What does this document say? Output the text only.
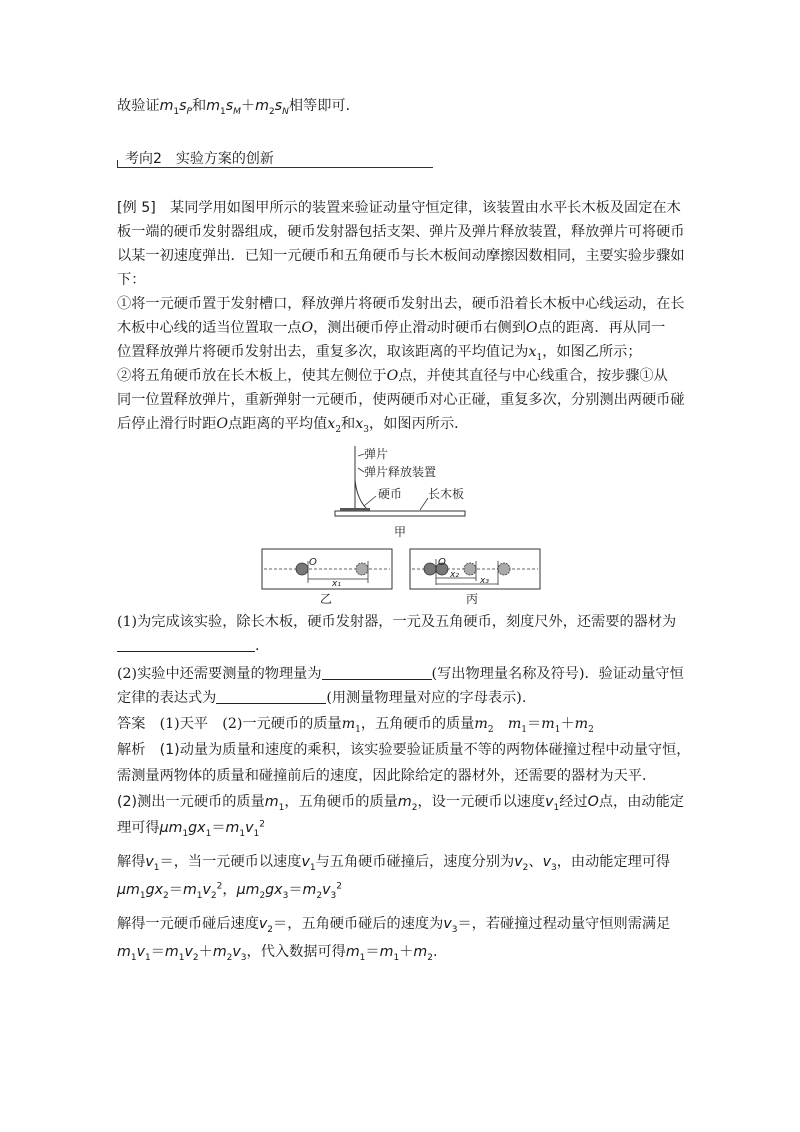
故验证$m_1s_P$和$m_1s_M+m_2s_N$相等即可．
考向2　实验方案的创新
[例 5]　 某同学用如图甲所示的装置来验证动量守恒定律，该装置由水平长木板及固定在木
板一端的硬币发射器组成，硬币发射器包括支架、弹片及弹片释放装置，释放弹片可将硬币
以某一初速度弹出．已知一元硬币和五角硬币与长木板间动摩擦因数相同，主要实验步骤如
下：
①将一元硬币置于发射槽口，释放弹片将硬币发射出去，硬币沿着长木板中心线运动，在长
木板中心线的适当位置取一点O，测出硬币停止滑动时硬币右侧到O点的距离．再从同一
位置释放弹片将硬币发射出去，重复多次，取该距离的平均值记为$x_1$，如图乙所示；
②将五角硬币放在长木板上，使其左侧位于O点，并使其直径与中心线重合，按步骤①从
同一位置释放弹片，重新弹射一元硬币，使两硬币对心正碰，重复多次，分别测出两硬币碰
后停止滑行时距O点距离的平均值$x_2$和$x_3$，如图丙所示．
弹片
弹片释放装置
硬币 长木板
甲
O
x₁
乙
O
x₂
x₃
丙
(1)为完成该实验，除长木板，硬币发射器，一元及五角硬币，刻度尺外，还需要的器材为
.
(2)实验中还需要测量的物理量为	(写出物理量名称及符号)．验证动量守恒
定律的表达式为	(用测量物理量对应的字母表示).
答案　 (1)天平　 (2)一元硬币的质量$m_1$，五角硬币的质量$m_2$　 $m_1=m_1+m_2$
解析　 (1)动量为质量和速度的乘积，该实验要验证质量不等的两物体碰撞过程中动量守恒，
需测量两物体的质量和碰撞前后的速度，因此除给定的器材外，还需要的器材为天平．
(2)测出一元硬币的质量$m_1$，五角硬币的质量$m_2$，设一元硬币以速度$v_1$经过O点，由动能定
理可得$\mu m_1gx_1=m_1v_1^2$
解得$v_1=$，当一元硬币以速度$v_1$与五角硬币碰撞后，速度分别为$v_2$、$v_3$，由动能定理可得
$\mu m_1gx_2=m_1v_2^2$，$\mu m_2gx_3=m_2v_3^2$
解得一元硬币碰后速度$v_2=$，五角硬币碰后的速度为$v_3=$，若碰撞过程动量守恒则需满足
$m_1v_1=m_1v_2+m_2v_3$，代入数据可得$m_1=m_1+m_2$.
